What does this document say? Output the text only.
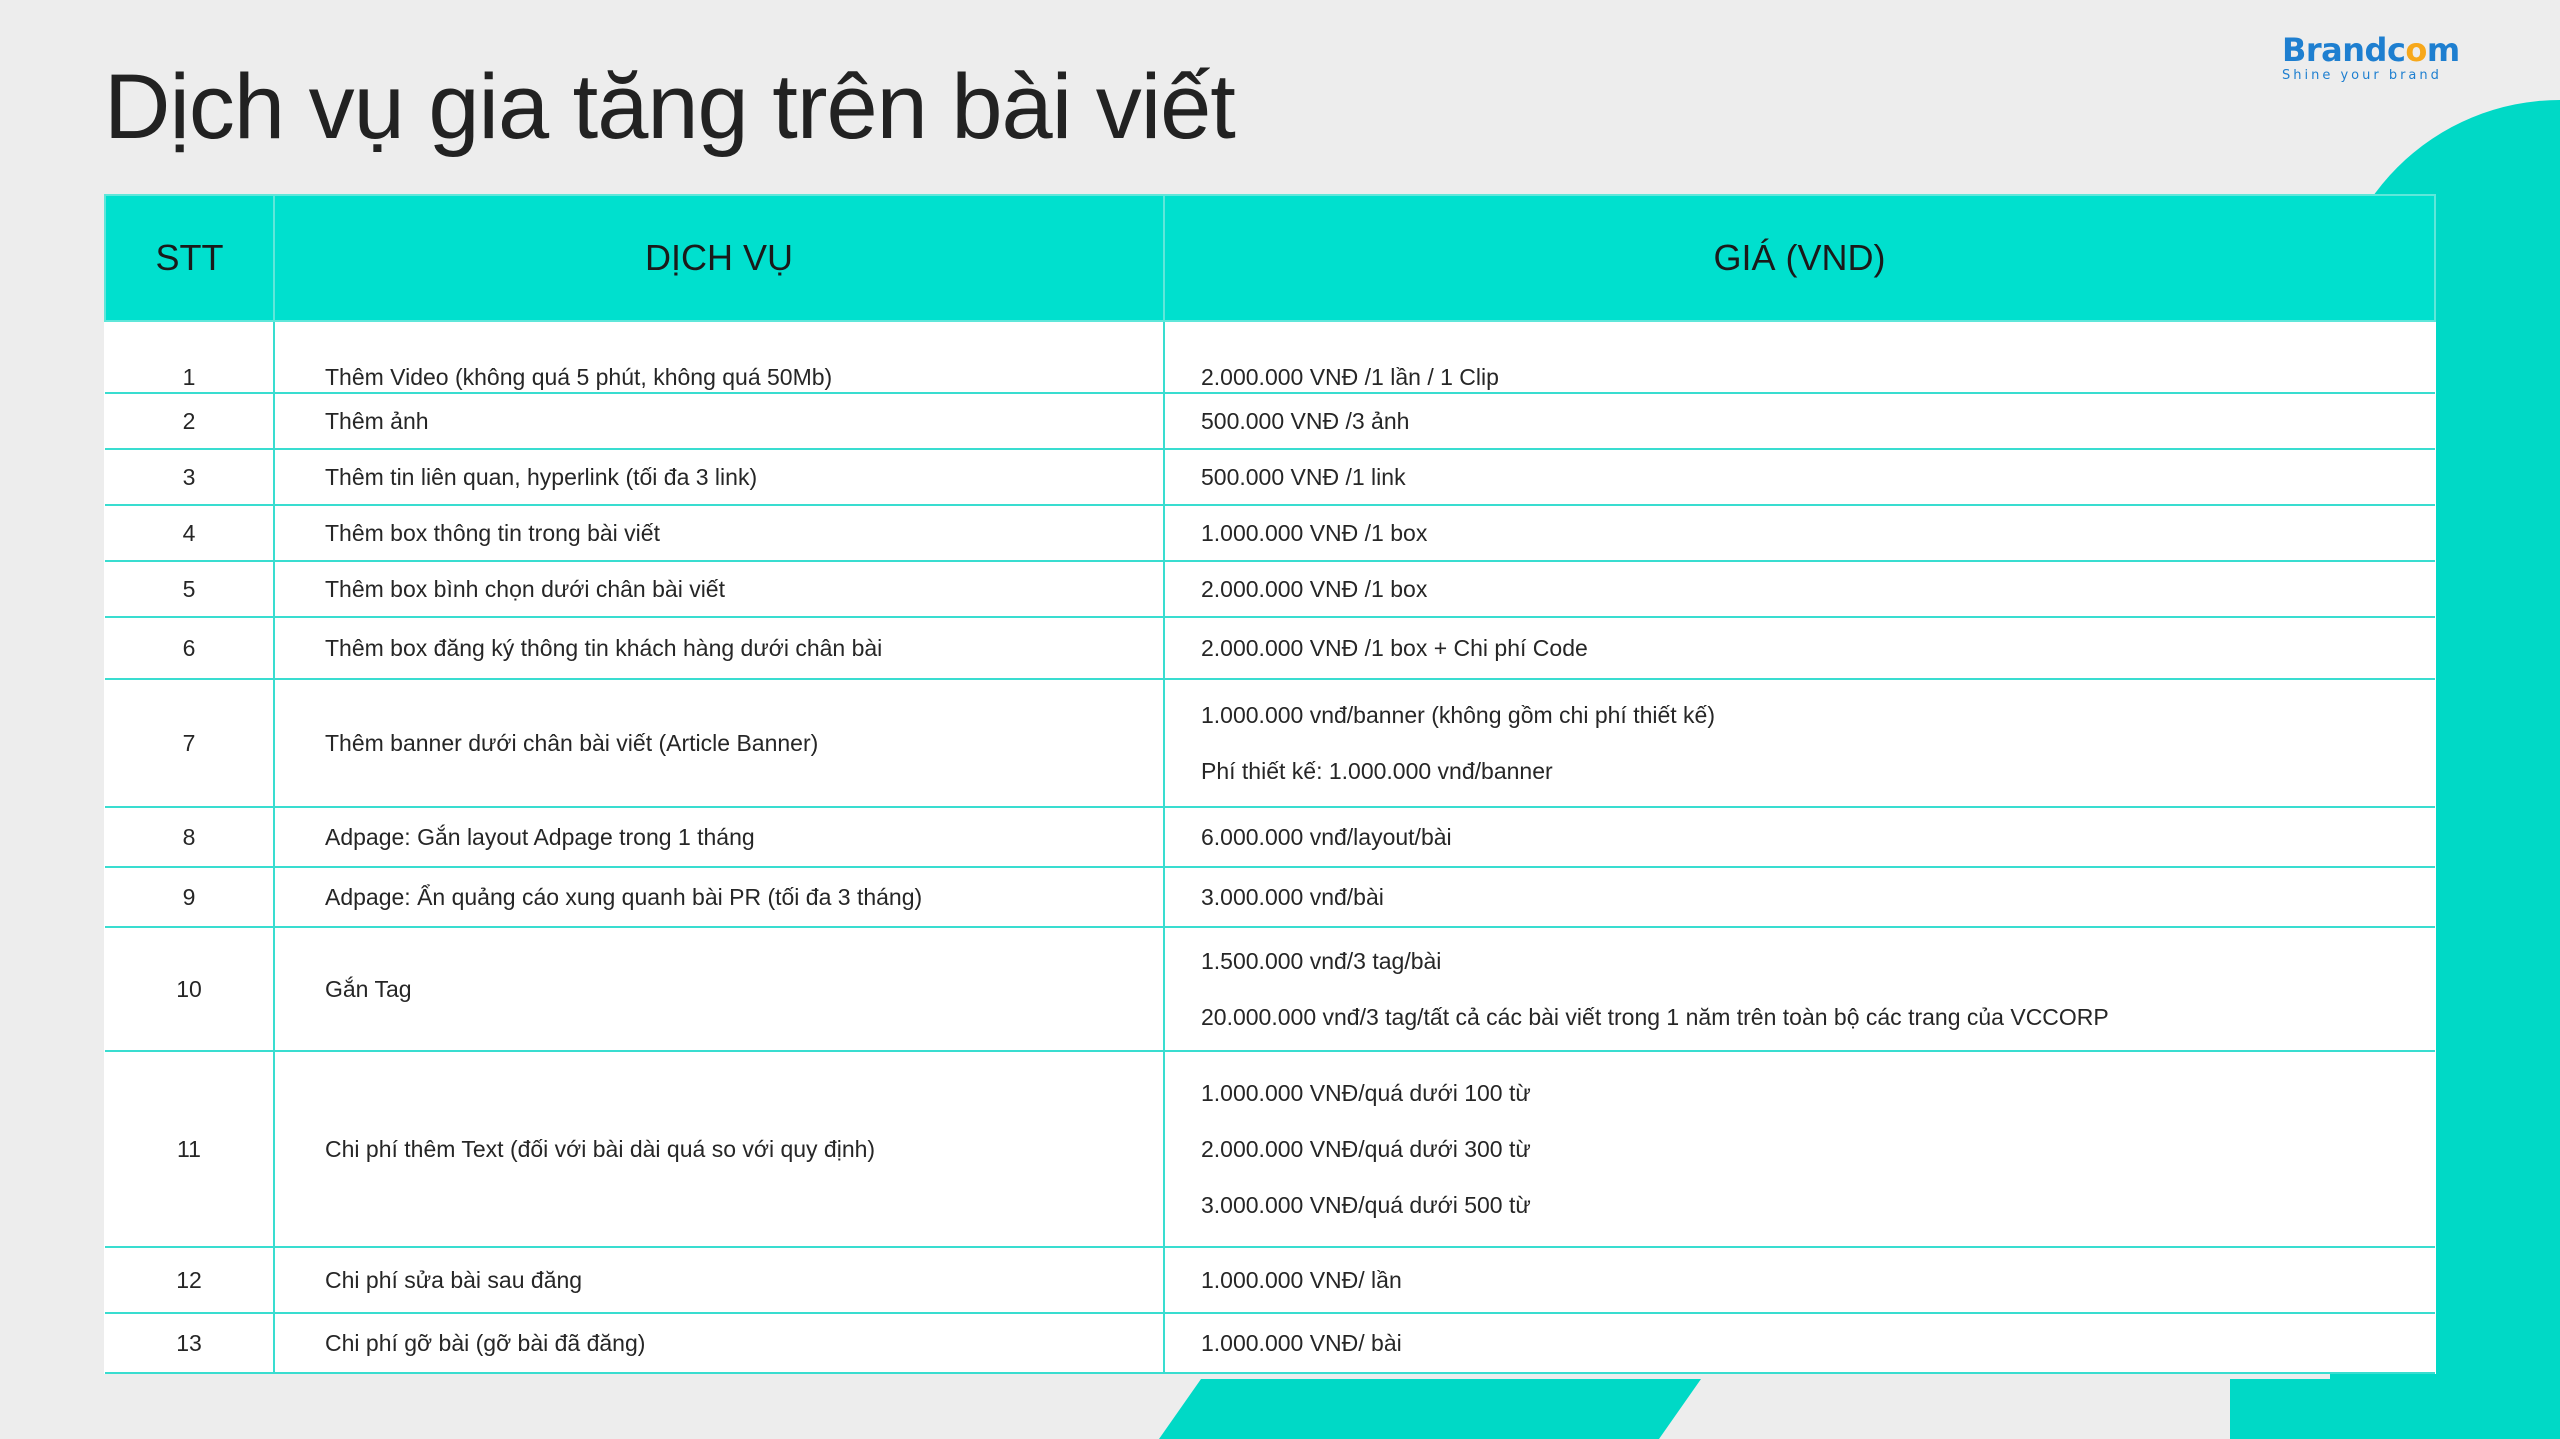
Dịch vụ gia tăng trên bài viết
Brandcom
Shine your brand
STT	DỊCH VỤ	GIÁ (VND)
1	Thêm Video (không quá 5 phút, không quá 50Mb)	2.000.000 VNĐ /1 lần / 1 Clip
2	Thêm ảnh	500.000 VNĐ /3 ảnh
3	Thêm tin liên quan, hyperlink (tối đa 3 link)	500.000 VNĐ /1 link
4	Thêm box thông tin trong bài viết	1.000.000 VNĐ /1 box
5	Thêm box bình chọn dưới chân bài viết	2.000.000 VNĐ /1 box
6	Thêm box đăng ký thông tin khách hàng dưới chân bài	2.000.000 VNĐ /1 box + Chi phí Code
7	Thêm banner dưới chân bài viết (Article Banner)	1.000.000 vnđ/banner (không gồm chi phí thiết kế)
Phí thiết kế: 1.000.000 vnđ/banner

8	Adpage: Gắn layout Adpage trong 1 tháng	6.000.000 vnđ/layout/bài
9	Adpage: Ẩn quảng cáo xung quanh bài PR (tối đa 3 tháng)	3.000.000 vnđ/bài
10	Gắn Tag	1.500.000 vnđ/3 tag/bài
20.000.000 vnđ/3 tag/tất cả các bài viết trong 1 năm trên toàn bộ các trang của VCCORP

11	Chi phí thêm Text (đối với bài dài quá so với quy định)	1.000.000 VNĐ/quá dưới 100 từ
2.000.000 VNĐ/quá dưới 300 từ
3.000.000 VNĐ/quá dưới 500 từ

12	Chi phí sửa bài sau đăng	1.000.000 VNĐ/ lần
13	Chi phí gỡ bài (gỡ bài đã đăng)	1.000.000 VNĐ/ bài
